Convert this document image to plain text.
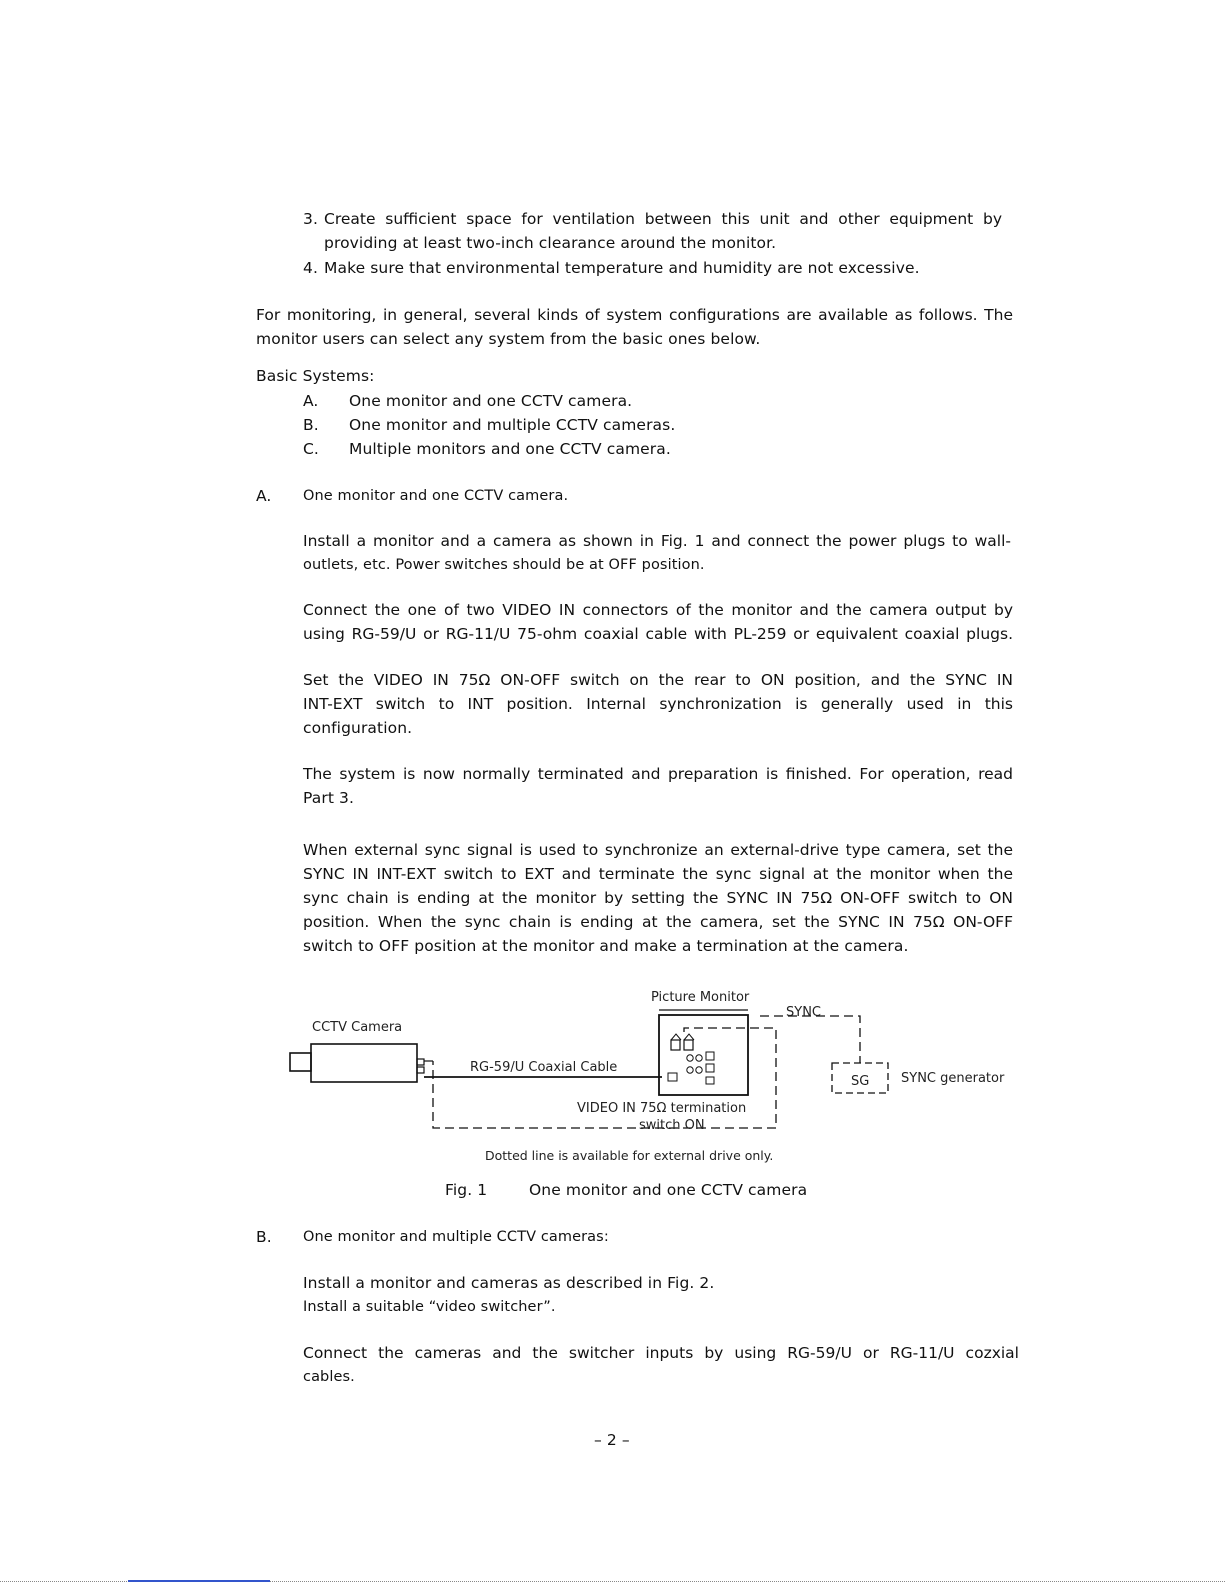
3. Create sufficient space for ventilation between this unit and other equipment by
providing at least two-inch clearance around the monitor.
4. Make sure that environmental temperature and humidity are not excessive.
For monitoring, in general, several kinds of system configurations are available as follows. The
monitor users can select any system from the basic ones below.
Basic Systems:
A. One monitor and one CCTV camera.
B. One monitor and multiple CCTV cameras.
C. Multiple monitors and one CCTV camera.
A. One monitor and one CCTV camera.
Install a monitor and a camera as shown in Fig. 1 and connect the power plugs to wall-
outlets, etc. Power switches should be at OFF position.
Connect the one of two VIDEO IN connectors of the monitor and the camera output by
using RG-59/U or RG-11/U 75-ohm coaxial cable with PL-259 or equivalent coaxial plugs.
Set the VIDEO IN 75Ω ON-OFF switch on the rear to ON position, and the SYNC IN
INT-EXT switch to INT position. Internal synchronization is generally used in this
configuration.
The system is now normally terminated and preparation is finished. For operation, read
Part 3.
When external sync signal is used to synchronize an external-drive type camera, set the
SYNC IN INT-EXT switch to EXT and terminate the sync signal at the monitor when the
sync chain is ending at the monitor by setting the SYNC IN 75Ω ON-OFF switch to ON
position. When the sync chain is ending at the camera, set the SYNC IN 75Ω ON-OFF
switch to OFF position at the monitor and make a termination at the camera.
Picture Monitor
CCTV Camera
SYNC
RG-59/U Coaxial Cable
SG SYNC generator
VIDEO IN 75Ω termination
switch ON
Dotted line is available for external drive only.
Fig. 1	One monitor and one CCTV camera
B. One monitor and multiple CCTV cameras:
Install a monitor and cameras as described in Fig. 2.
Install a suitable “video switcher”.
Connect the cameras and the switcher inputs by using RG-59/U or RG-11/U cozxial
cables.
– 2 –
